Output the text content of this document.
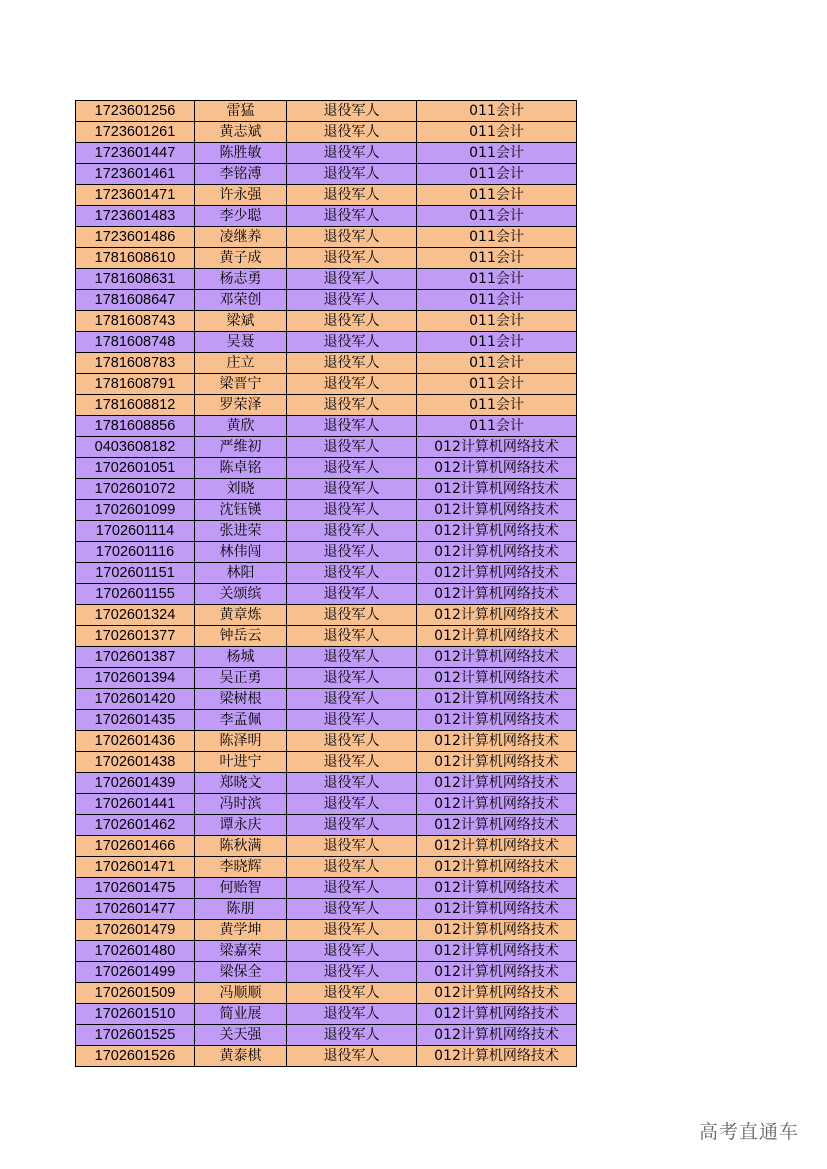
1723601256	雷猛	退役军人	011会计
1723601261	黄志斌	退役军人	011会计
1723601447	陈胜敏	退役军人	011会计
1723601461	李铭溥	退役军人	011会计
1723601471	许永强	退役军人	011会计
1723601483	李少聪	退役军人	011会计
1723601486	凌继养	退役军人	011会计
1781608610	黄子成	退役军人	011会计
1781608631	杨志勇	退役军人	011会计
1781608647	邓荣创	退役军人	011会计
1781608743	梁斌	退役军人	011会计
1781608748	吴聂	退役军人	011会计
1781608783	庄立	退役军人	011会计
1781608791	梁晋宁	退役军人	011会计
1781608812	罗荣泽	退役军人	011会计
1781608856	黄欣	退役军人	011会计
0403608182	严维初	退役军人	012计算机网络技术
1702601051	陈卓铭	退役军人	012计算机网络技术
1702601072	刘晓	退役军人	012计算机网络技术
1702601099	沈钰锳	退役军人	012计算机网络技术
1702601114	张进荣	退役军人	012计算机网络技术
1702601116	林伟闯	退役军人	012计算机网络技术
1702601151	林阳	退役军人	012计算机网络技术
1702601155	关颂缤	退役军人	012计算机网络技术
1702601324	黄章炼	退役军人	012计算机网络技术
1702601377	钟岳云	退役军人	012计算机网络技术
1702601387	杨城	退役军人	012计算机网络技术
1702601394	吴正勇	退役军人	012计算机网络技术
1702601420	梁树根	退役军人	012计算机网络技术
1702601435	李孟佩	退役军人	012计算机网络技术
1702601436	陈泽明	退役军人	012计算机网络技术
1702601438	叶进宁	退役军人	012计算机网络技术
1702601439	郑晓文	退役军人	012计算机网络技术
1702601441	冯时滨	退役军人	012计算机网络技术
1702601462	谭永庆	退役军人	012计算机网络技术
1702601466	陈秋满	退役军人	012计算机网络技术
1702601471	李晓辉	退役军人	012计算机网络技术
1702601475	何贻智	退役军人	012计算机网络技术
1702601477	陈朋	退役军人	012计算机网络技术
1702601479	黄学坤	退役军人	012计算机网络技术
1702601480	梁嘉荣	退役军人	012计算机网络技术
1702601499	梁保全	退役军人	012计算机网络技术
1702601509	冯顺顺	退役军人	012计算机网络技术
1702601510	简业展	退役军人	012计算机网络技术
1702601525	关天强	退役军人	012计算机网络技术
1702601526	黄泰棋	退役军人	012计算机网络技术
高考直通车
